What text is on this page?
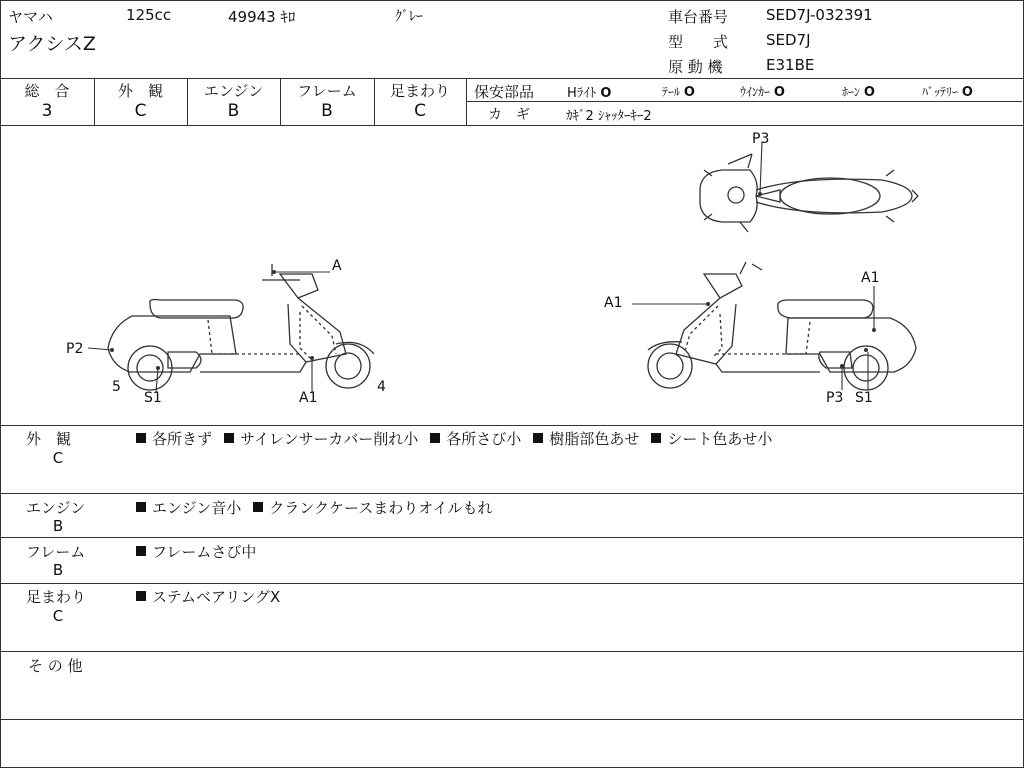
ヤマハ	125cc	49943 ｷﾛ	ｸﾞﾚｰ
アクシスZ
車台番号	SED7J-032391
型　　式	SED7J
原 動 機	E31BE
総　合
3
外　観
C
エンジン
B
フレーム
B
足まわり
C
保安部品	Hﾗｲﾄ O	ﾃｰﾙ O	ｳｲﾝｶｰ O	ﾎｰﾝ O	ﾊﾞｯﾃﾘｰ O
カ　ギ	ｶｷﾞ2 ｼｬｯﾀｰｷｰ2
P3
A
P2
5
S1	A1
4
A1
A1
P3 S1
外　観
C
各所きず サイレンサーカバー削れ小 各所さび小 樹脂部色あせ シート色あせ小
エンジン
B
エンジン音小 クランクケースまわりオイルもれ
フレーム
B
フレームさび中
足まわり
C
ステムベアリングX
そ の 他
